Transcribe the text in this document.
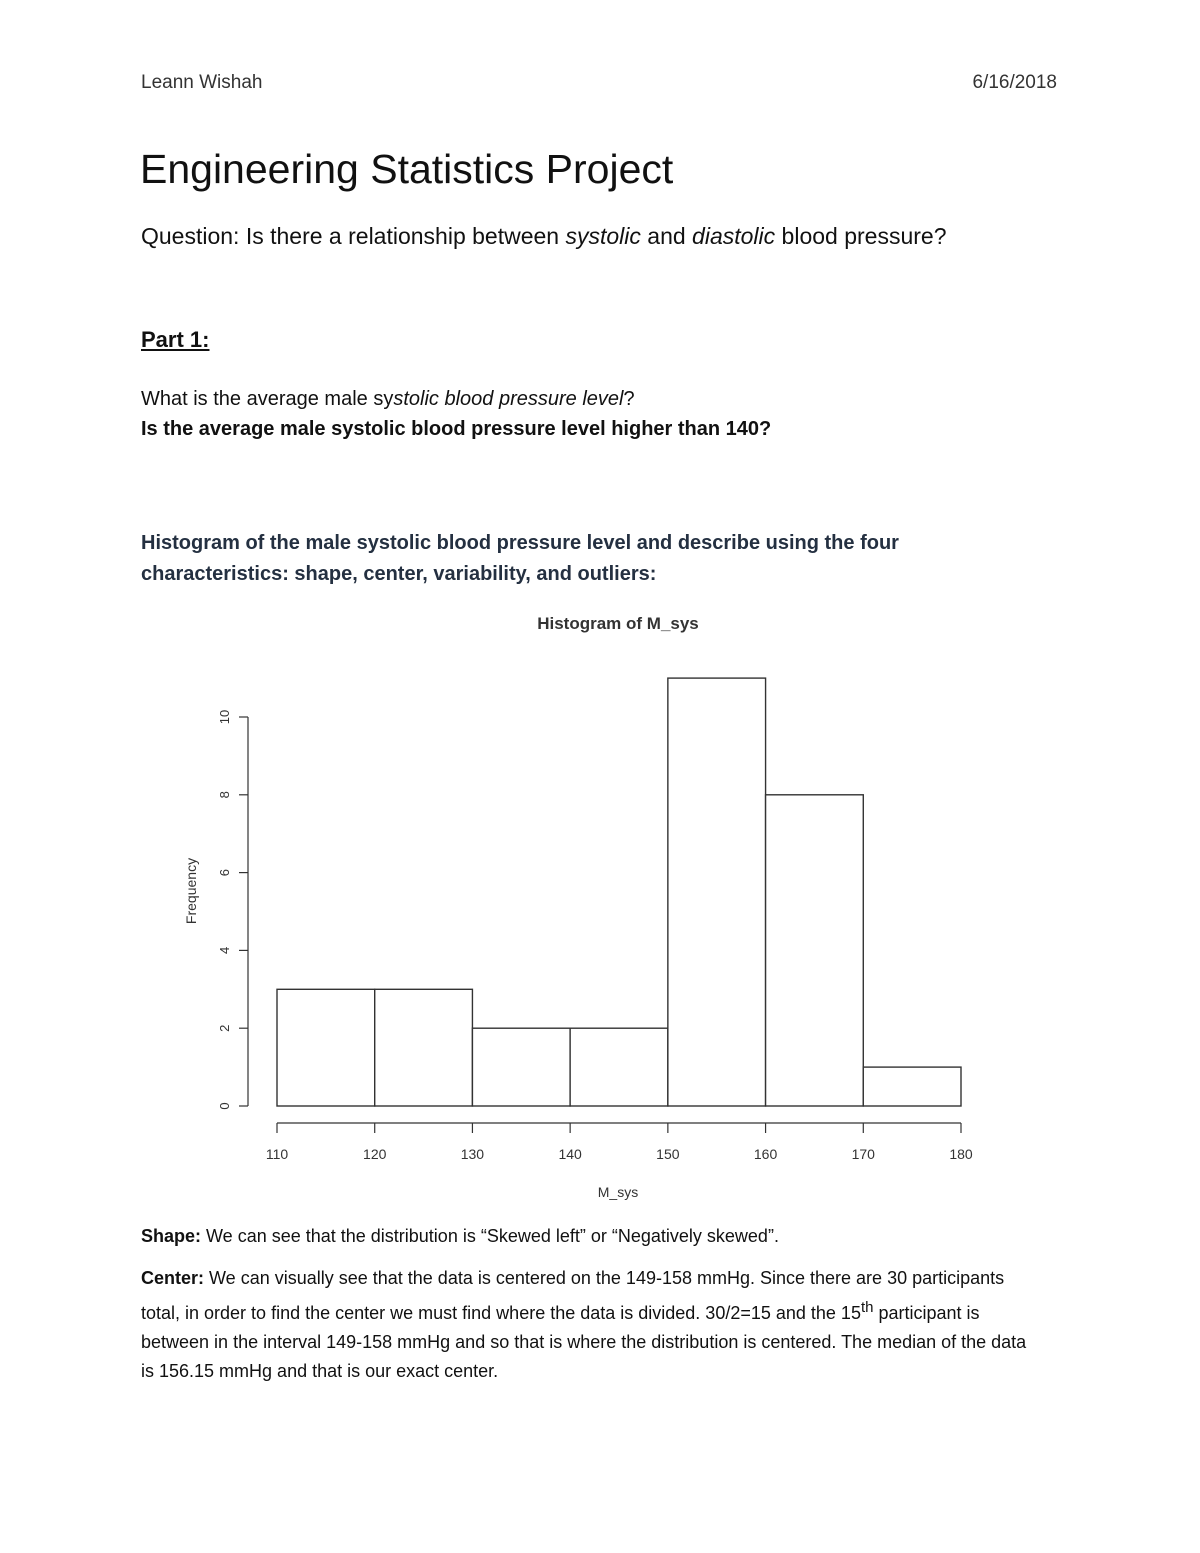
Leann Wishah	6/16/2018
Engineering Statistics Project
Question: Is there a relationship between systolic and diastolic blood pressure?
Part 1:
What is the average male systolic blood pressure level?
Is the average male systolic blood pressure level higher than 140?
Histogram of the male systolic blood pressure level and describe using the four characteristics: shape, center, variability, and outliers:
Histogram of M_sys
0
2
4
6
8
10
Frequency
110	120	130	140	150	160	170	180
M_sys
Shape: We can see that the distribution is “Skewed left” or “Negatively skewed”.
Center: We can visually see that the data is centered on the 149-158 mmHg. Since there are 30 participants total, in order to find the center we must find where the data is divided. 30/2=15 and the 15th participant is between in the interval 149-158 mmHg and so that is where the distribution is centered. The median of the data is 156.15 mmHg and that is our exact center.
